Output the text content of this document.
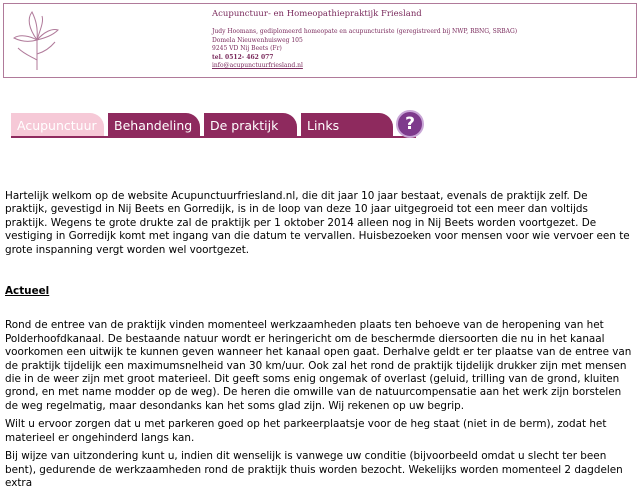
Acupunctuur- en Homeopathiepraktijk Friesland
Judy Hoomans, gediplomeerd homeopate en acupuncturiste (geregistreerd bij NWP, RBNG, SRBAG)
Domela Nieuwenhuisweg 105
9245 VD Nij Beets (Fr)
tel. 0512- 462 077
info@acupunctuurfriesland.nl
Acupunctuur	Behandeling	De praktijk	Links	?

Hartelijk welkom op de website Acupunctuurfriesland.nl, die dit jaar 10 jaar bestaat, evenals de praktijk zelf. De praktijk, gevestigd in Nij Beets en Gorredijk, is in de loop van deze 10 jaar uitgegroeid tot een meer dan voltijds praktijk. Wegens te grote drukte zal de praktijk per 1 oktober 2014 alleen nog in Nij Beets worden voortgezet. De vestiging in Gorredijk komt met ingang van die datum te vervallen. Huisbezoeken voor mensen voor wie vervoer een te grote inspanning vergt worden wel voortgezet.

Actueel

Rond de entree van de praktijk vinden momenteel werkzaamheden plaats ten behoeve van de heropening van het Polderhoofdkanaal. De bestaande natuur wordt er heringericht om de beschermde diersoorten die nu in het kanaal voorkomen een uitwijk te kunnen geven wanneer het kanaal open gaat. Derhalve geldt er ter plaatse van de entree van de praktijk tijdelijk een maximumsnelheid van 30 km/uur. Ook zal het rond de praktijk tijdelijk drukker zijn met mensen die in de weer zijn met groot materieel. Dit geeft soms enig ongemak of overlast (geluid, trilling van de grond, kluiten grond, en met name modder op de weg). De heren die omwille van de natuurcompensatie aan het werk zijn borstelen de weg regelmatig, maar desondanks kan het soms glad zijn. Wij rekenen op uw begrip.

Wilt u ervoor zorgen dat u met parkeren goed op het parkeerplaatsje voor de heg staat (niet in de berm), zodat het materieel er ongehinderd langs kan.

Bij wijze van uitzondering kunt u, indien dit wenselijk is vanwege uw conditie (bijvoorbeeld omdat u slecht ter been bent), gedurende de werkzaamheden rond de praktijk thuis worden bezocht. Wekelijks worden momenteel 2 dagdelen extra
